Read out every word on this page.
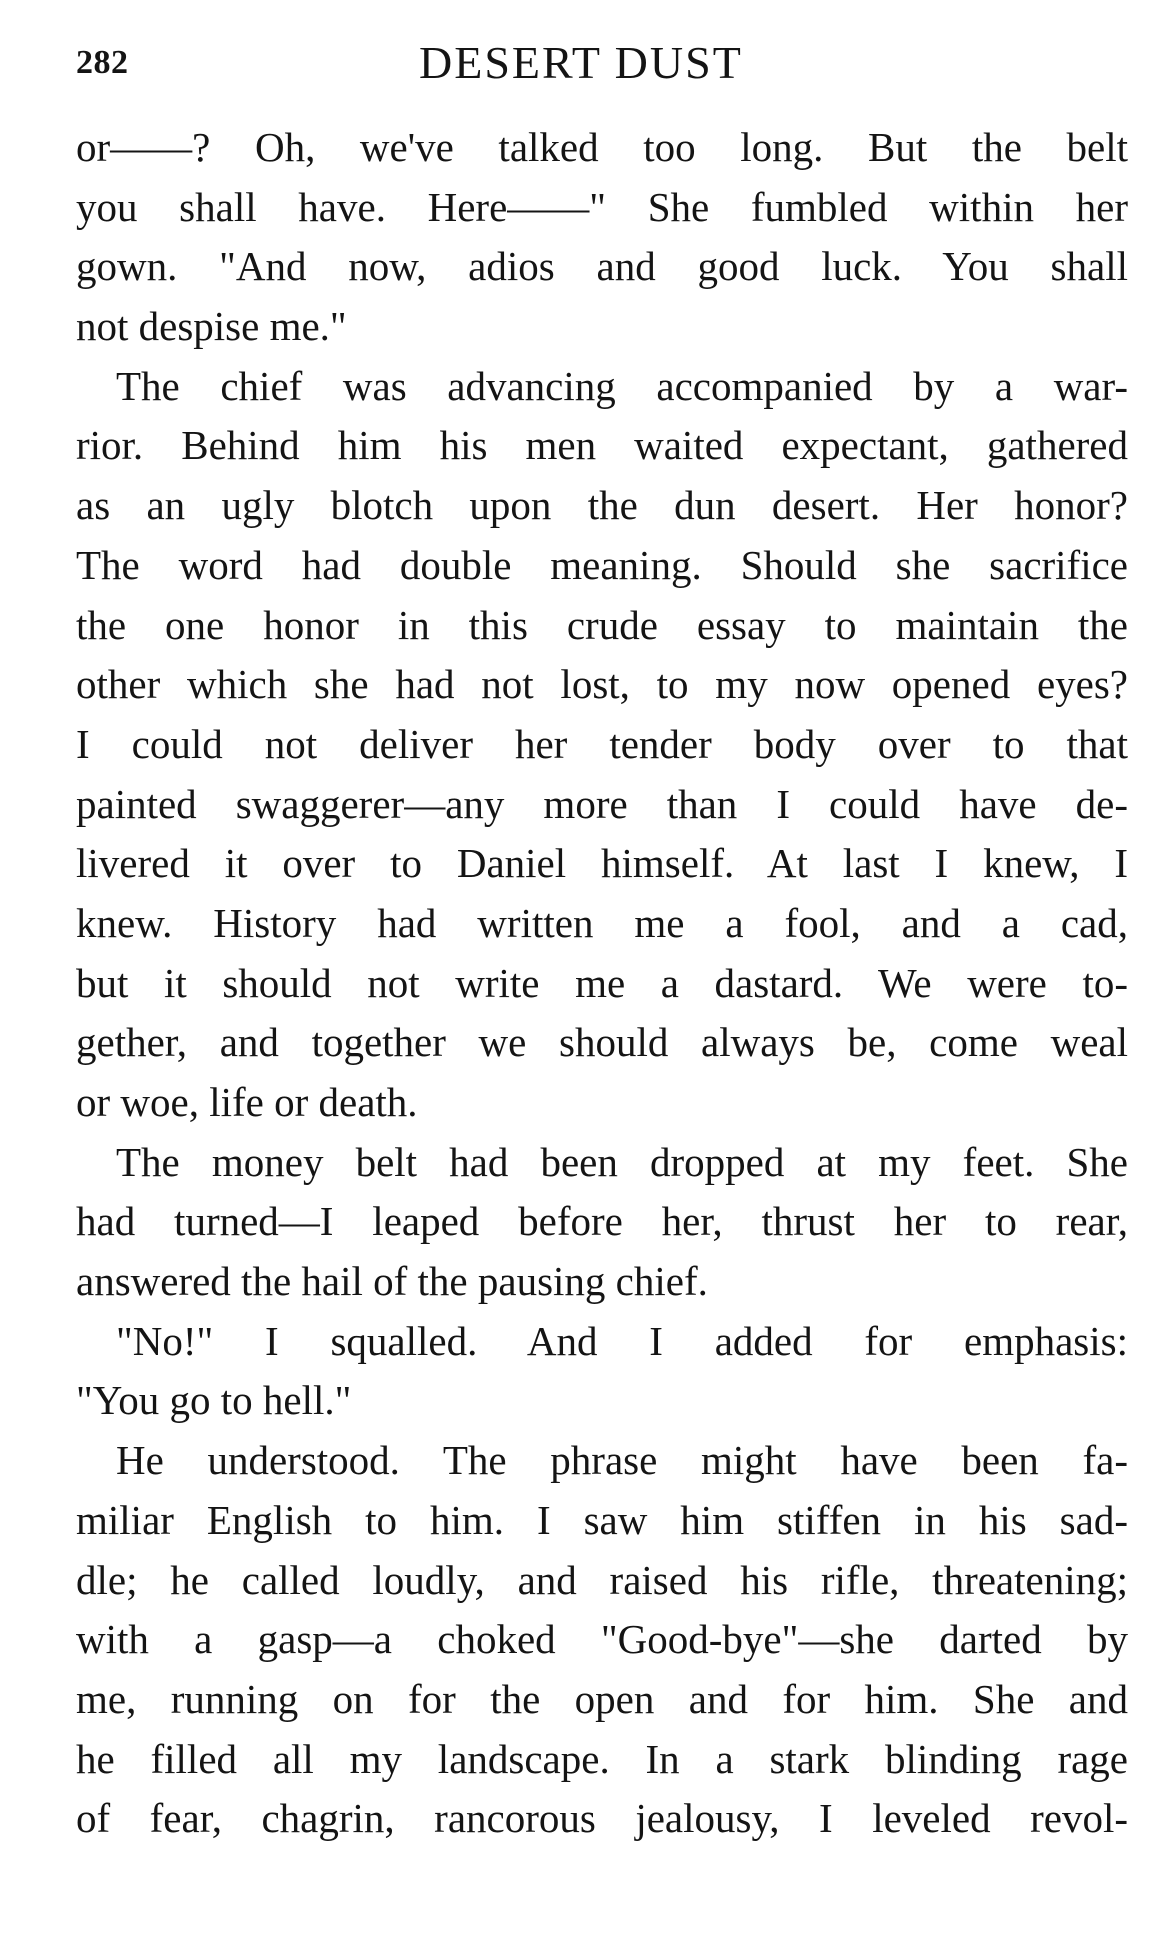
282	DESERT DUST
or——? Oh, we've talked too long. But the belt
you shall have. Here——" She fumbled within her
gown. "And now, adios and good luck. You shall
not despise me."
The chief was advancing accompanied by a war-
rior. Behind him his men waited expectant, gathered
as an ugly blotch upon the dun desert. Her honor?
The word had double meaning. Should she sacrifice
the one honor in this crude essay to maintain the
other which she had not lost, to my now opened eyes?
I could not deliver her tender body over to that
painted swaggerer—any more than I could have de-
livered it over to Daniel himself. At last I knew, I
knew. History had written me a fool, and a cad,
but it should not write me a dastard. We were to-
gether, and together we should always be, come weal
or woe, life or death.
The money belt had been dropped at my feet. She
had turned—I leaped before her, thrust her to rear,
answered the hail of the pausing chief.
"No!" I squalled. And I added for emphasis:
"You go to hell."
He understood. The phrase might have been fa-
miliar English to him. I saw him stiffen in his sad-
dle; he called loudly, and raised his rifle, threatening;
with a gasp—a choked "Good-bye"—she darted by
me, running on for the open and for him. She and
he filled all my landscape. In a stark blinding rage
of fear, chagrin, rancorous jealousy, I leveled revol-
